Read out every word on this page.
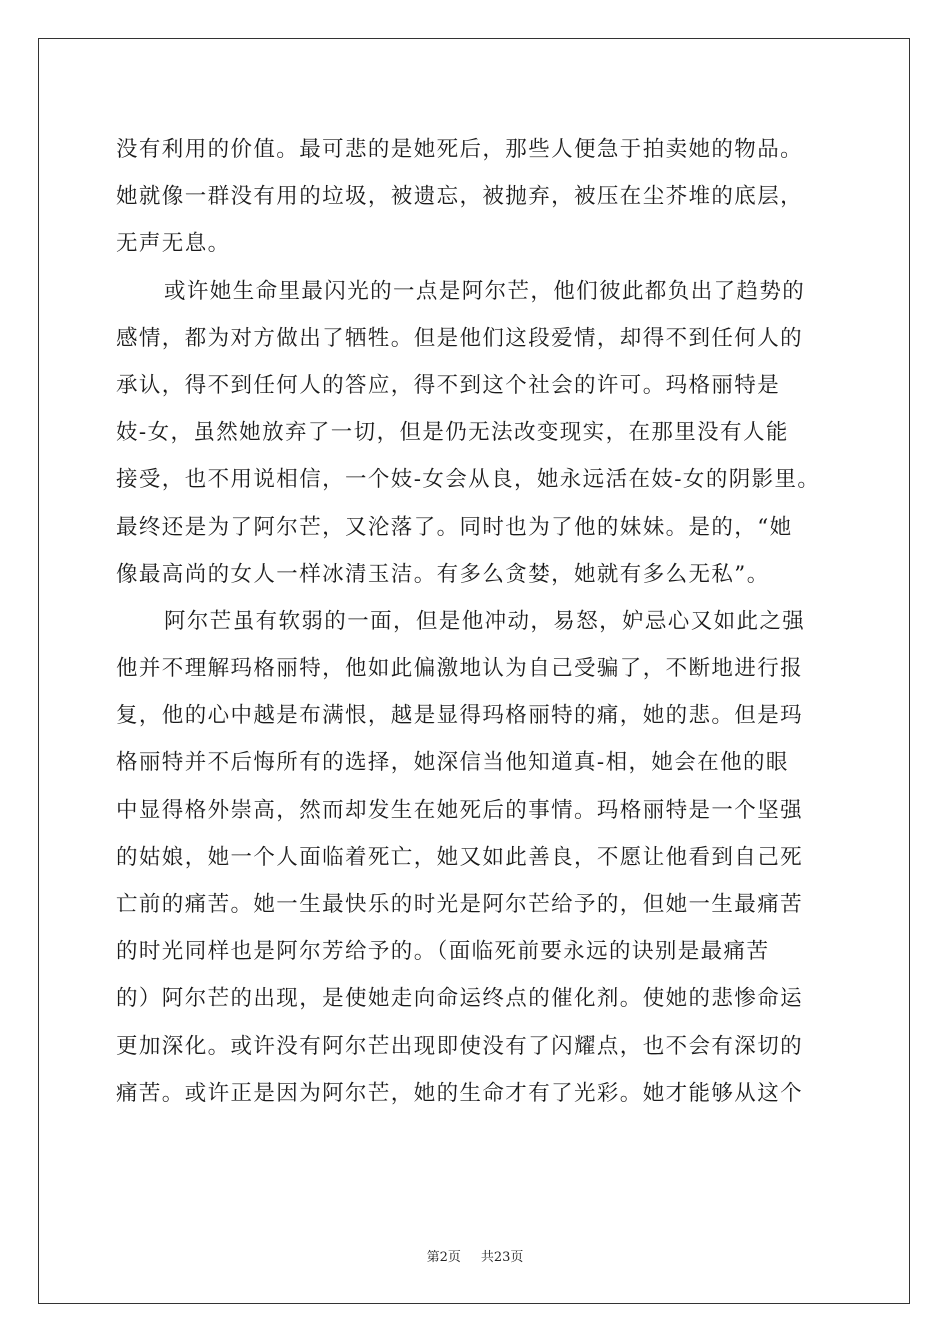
没有利用的价值。最可悲的是她死后，那些人便急于拍卖她的物品。
她就像一群没有用的垃圾，被遗忘，被抛弃，被压在尘芥堆的底层，
无声无息。
或许她生命里最闪光的一点是阿尔芒，他们彼此都负出了趋势的
感情，都为对方做出了牺牲。但是他们这段爱情，却得不到任何人的
承认，得不到任何人的答应，得不到这个社会的许可。玛格丽特是
妓-女，虽然她放弃了一切，但是仍无法改变现实，在那里没有人能
接受，也不用说相信，一个妓-女会从良，她永远活在妓-女的阴影里。
最终还是为了阿尔芒，又沦落了。同时也为了他的妹妹。是的，“她
像最高尚的女人一样冰清玉洁。有多么贪婪，她就有多么无私”。
阿尔芒虽有软弱的一面，但是他冲动，易怒，妒忌心又如此之强
他并不理解玛格丽特，他如此偏激地认为自己受骗了，不断地进行报
复，他的心中越是布满恨，越是显得玛格丽特的痛，她的悲。但是玛
格丽特并不后悔所有的选择，她深信当他知道真-相，她会在他的眼
中显得格外崇高，然而却发生在她死后的事情。玛格丽特是一个坚强
的姑娘，她一个人面临着死亡，她又如此善良，不愿让他看到自己死
亡前的痛苦。她一生最快乐的时光是阿尔芒给予的，但她一生最痛苦
的时光同样也是阿尔芳给予的。（面临死前要永远的诀别是最痛苦
的）阿尔芒的出现，是使她走向命运终点的催化剂。使她的悲惨命运
更加深化。或许没有阿尔芒出现即使没有了闪耀点，也不会有深切的
痛苦。或许正是因为阿尔芒，她的生命才有了光彩。她才能够从这个
第2页 共23页
